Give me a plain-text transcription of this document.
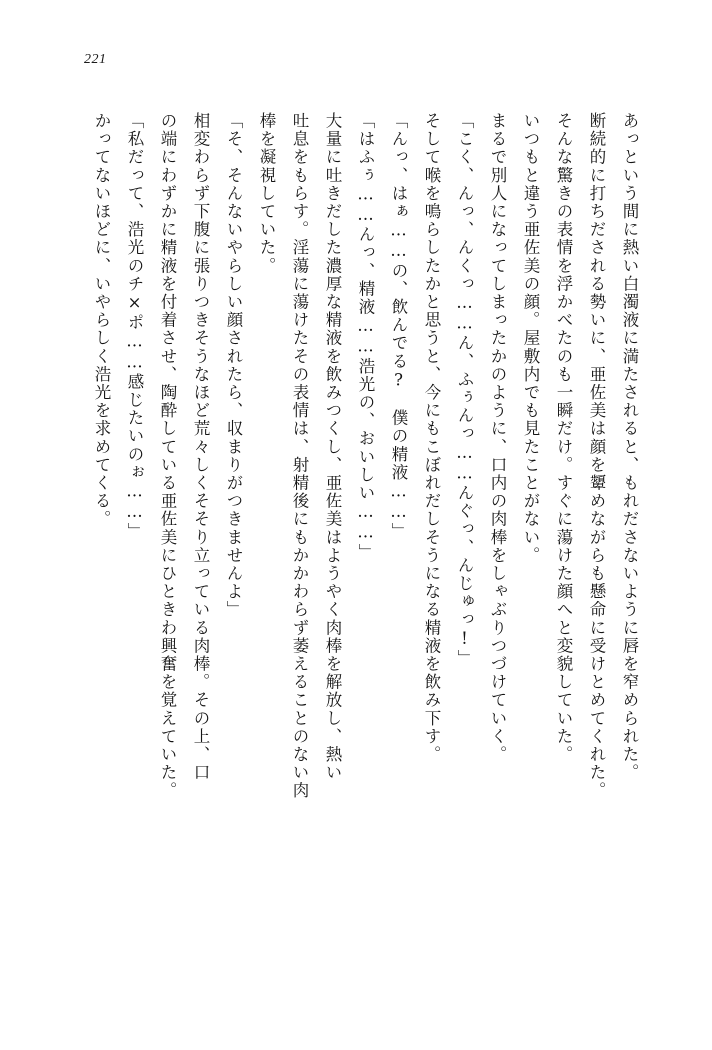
221

あっという間に熱い白濁液に満たされると、もれださないように唇を窄められた。

断続的に打ちだされる勢いに、亜佐美は顔を顰めながらも懸命に受けとめてくれた。

そんな驚きの表情を浮かべたのも一瞬だけ。すぐに蕩けた顔へと変貌していた。

いつもと違う亜佐美の顔。屋敷内でも見たことがない。

まるで別人になってしまったかのように、口内の肉棒をしゃぶりつづけていく。

「こく、んっ、んくっ……ん、ふぅんっ……んぐっ、んじゅっ!」

そして喉を鳴らしたかと思うと、今にもこぼれだしそうになる精液を飲み下す。

「んっ、はぁ……の、飲んでる?　僕の精液……」

「はふぅ……んっ、精液……浩光の、おいしい……」

大量に吐きだした濃厚な精液を飲みつくし、亜佐美はようやく肉棒を解放し、熱い

吐息をもらす。淫蕩に蕩けたその表情は、射精後にもかかわらず萎えることのない肉

棒を凝視していた。

「そ、そんないやらしい顔されたら、収まりがつきませんよ」

相変わらず下腹に張りつきそうなほど荒々しくそそり立っている肉棒。その上、口

の端にわずかに精液を付着させ、陶酔している亜佐美にひときわ興奮を覚えていた。

「私だって、浩光のチ×ポ……感じたいのぉ……」

かってないほどに、いやらしく浩光を求めてくる。
